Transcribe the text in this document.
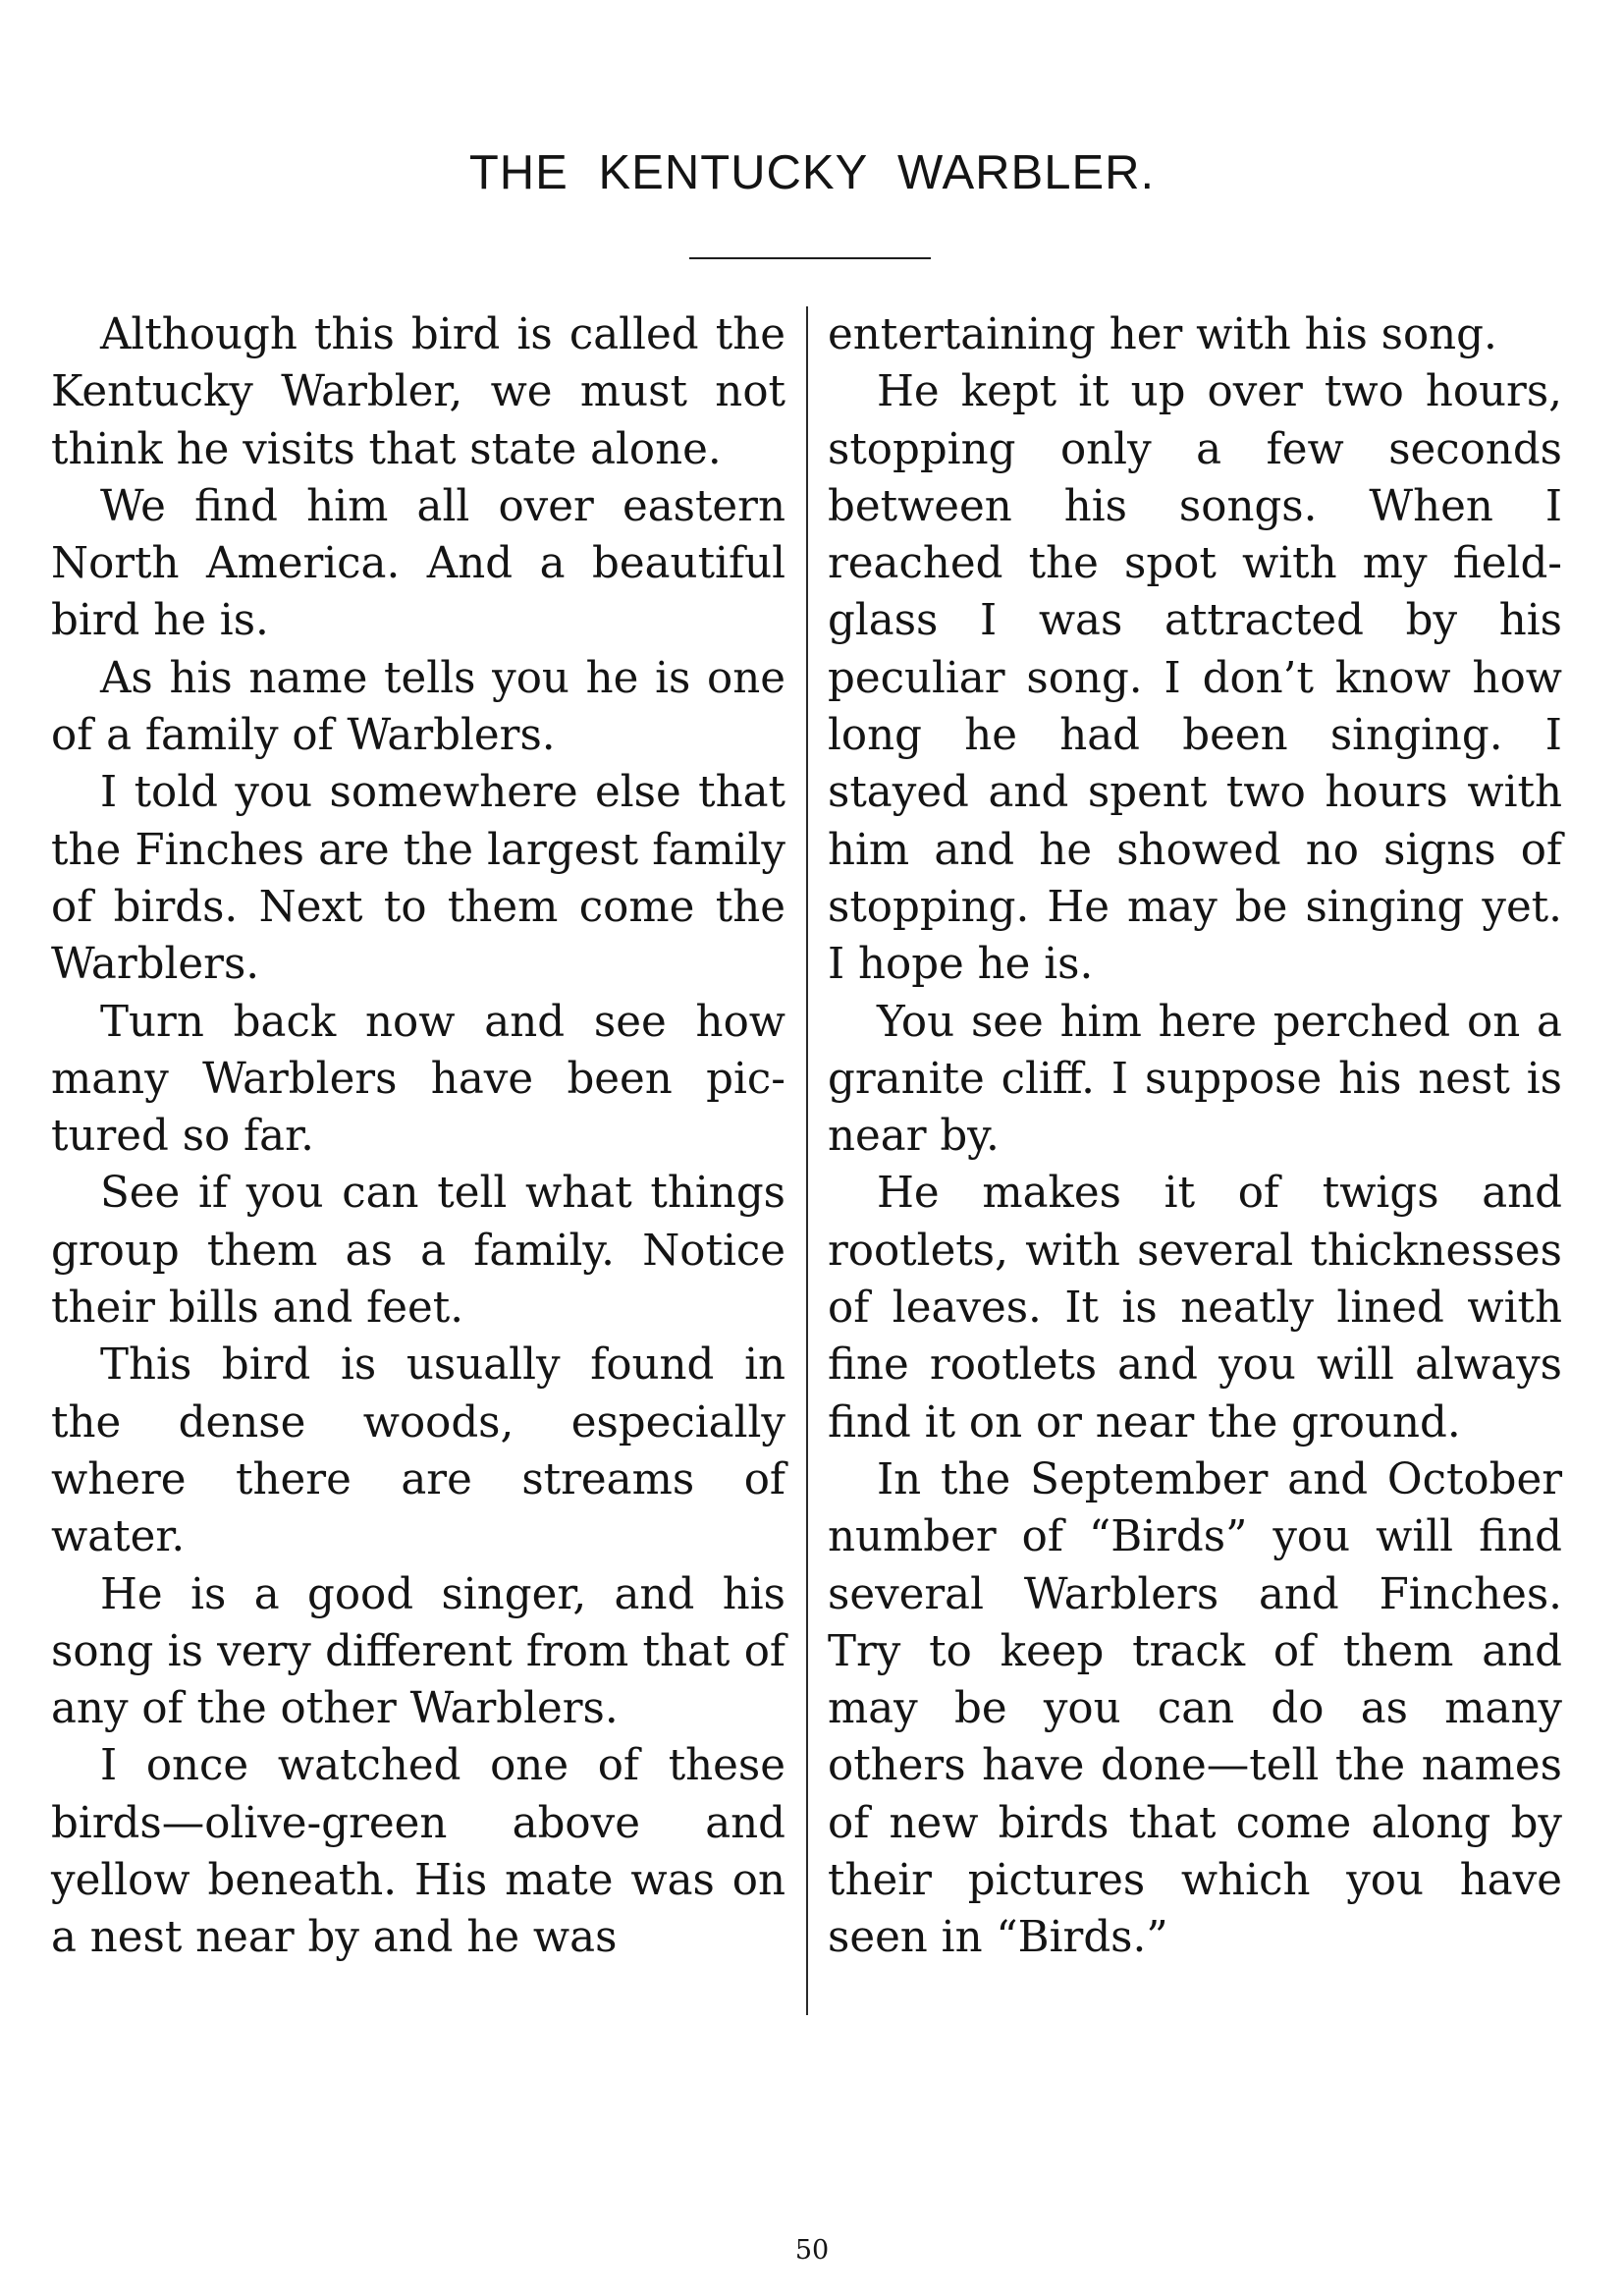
THE KENTUCKY WARBLER.

Although this bird is called the Kentucky Warbler, we must not think he visits that state alone.

We find him all over eastern North America. And a beautiful bird he is.

As his name tells you he is one of a family of Warblers.

I told you somewhere else that the Finches are the largest family of birds. Next to them come the Warblers.

Turn back now and see how many Warblers have been pictured so far.

See if you can tell what things group them as a family. Notice their bills and feet.

This bird is usually found in the dense woods, especially where there are streams of water.

He is a good singer, and his song is very different from that of any of the other Warblers.

I once watched one of these birds—olive-green above and yellow beneath. His mate was on a nest near by and he was

entertaining her with his song.

He kept it up over two hours, stopping only a few seconds between his songs. When I reached the spot with my field-glass I was attracted by his peculiar song. I don’t know how long he had been singing. I stayed and spent two hours with him and he showed no signs of stopping. He may be singing yet. I hope he is.

You see him here perched on a granite cliff. I suppose his nest is near by.

He makes it of twigs and rootlets, with several thicknesses of leaves. It is neatly lined with fine rootlets and you will always find it on or near the ground.

In the September and October number of “Birds” you will find several Warblers and Finches. Try to keep track of them and may be you can do as many others have done—tell the names of new birds that come along by their pictures which you have seen in “Birds.”

50
